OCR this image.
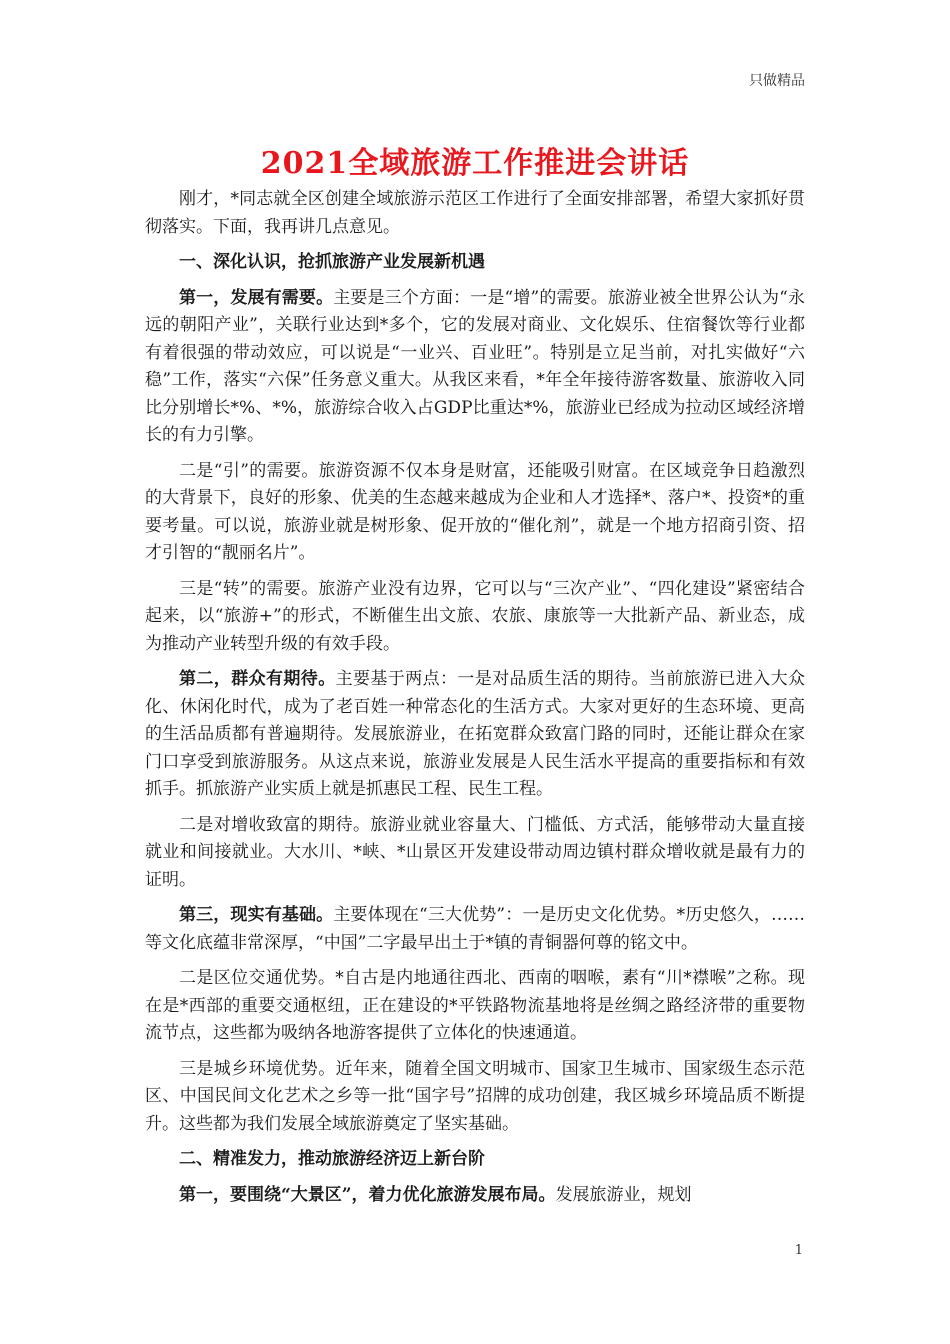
只做精品
2021全域旅游工作推进会讲话

刚才，*同志就全区创建全域旅游示范区工作进行了全面安排部署，希望大家抓好贯彻落实。下面，我再讲几点意见。

一、深化认识，抢抓旅游产业发展新机遇

第一，发展有需要。主要是三个方面：一是“增”的需要。旅游业被全世界公认为“永远的朝阳产业”，关联行业达到*多个，它的发展对商业、文化娱乐、住宿餐饮等行业都有着很强的带动效应，可以说是“一业兴、百业旺”。特别是立足当前，对扎实做好“六稳”工作，落实“六保”任务意义重大。从我区来看，*年全年接待游客数量、旅游收入同比分别增长*%、*%，旅游综合收入占GDP比重达*%，旅游业已经成为拉动区域经济增长的有力引擎。

二是“引”的需要。旅游资源不仅本身是财富，还能吸引财富。在区域竞争日趋激烈的大背景下，良好的形象、优美的生态越来越成为企业和人才选择*、落户*、投资*的重要考量。可以说，旅游业就是树形象、促开放的“催化剂”，就是一个地方招商引资、招才引智的“靓丽名片”。

三是“转”的需要。旅游产业没有边界，它可以与“三次产业”、“四化建设”紧密结合起来，以“旅游+”的形式，不断催生出文旅、农旅、康旅等一大批新产品、新业态，成为推动产业转型升级的有效手段。

第二，群众有期待。主要基于两点：一是对品质生活的期待。当前旅游已进入大众化、休闲化时代，成为了老百姓一种常态化的生活方式。大家对更好的生态环境、更高的生活品质都有普遍期待。发展旅游业，在拓宽群众致富门路的同时，还能让群众在家门口享受到旅游服务。从这点来说，旅游业发展是人民生活水平提高的重要指标和有效抓手。抓旅游产业实质上就是抓惠民工程、民生工程。

二是对增收致富的期待。旅游业就业容量大、门槛低、方式活，能够带动大量直接就业和间接就业。大水川、*峡、*山景区开发建设带动周边镇村群众增收就是最有力的证明。

第三，现实有基础。主要体现在“三大优势”：一是历史文化优势。*历史悠久，……等文化底蕴非常深厚，“中国”二字最早出土于*镇的青铜器何尊的铭文中。

二是区位交通优势。*自古是内地通往西北、西南的咽喉，素有“川*襟喉”之称。现在是*西部的重要交通枢纽，正在建设的*平铁路物流基地将是丝绸之路经济带的重要物流节点，这些都为吸纳各地游客提供了立体化的快速通道。

三是城乡环境优势。近年来，随着全国文明城市、国家卫生城市、国家级生态示范区、中国民间文化艺术之乡等一批“国字号”招牌的成功创建，我区城乡环境品质不断提升。这些都为我们发展全域旅游奠定了坚实基础。

二、精准发力，推动旅游经济迈上新台阶

第一，要围绕“大景区”，着力优化旅游发展布局。发展旅游业，规划

1
